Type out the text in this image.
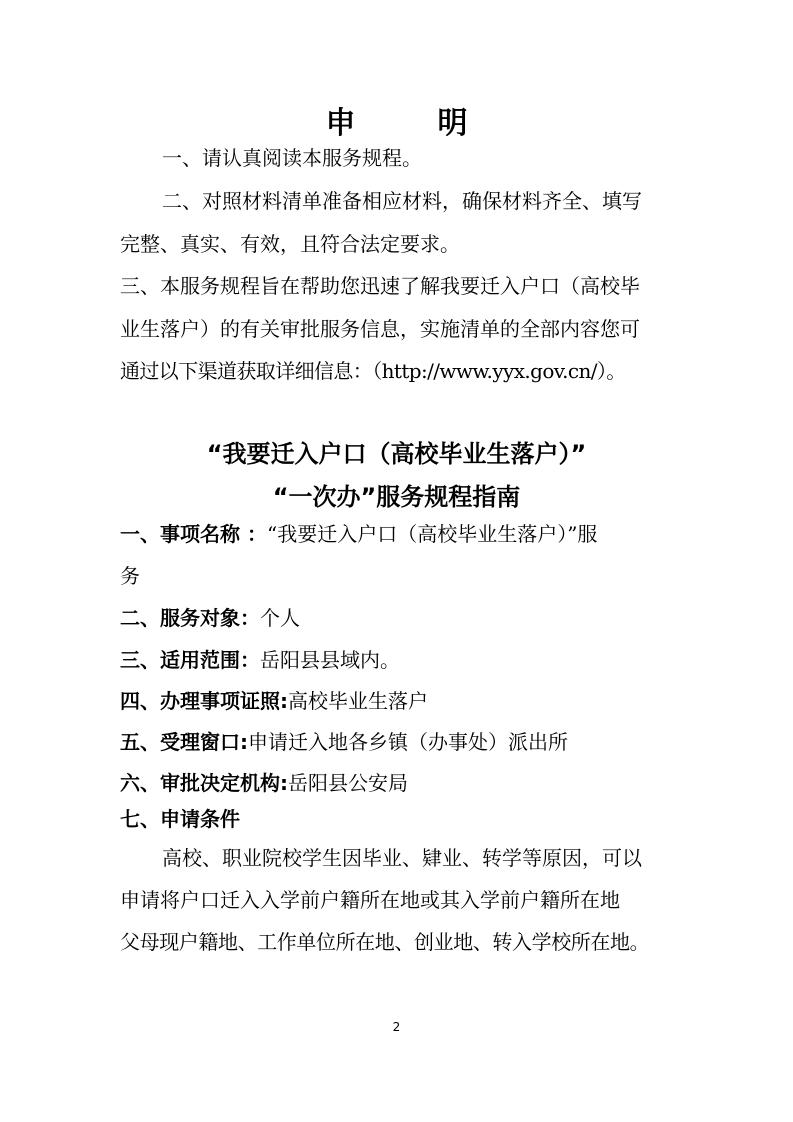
申　明
一、请认真阅读本服务规程。
二、对照材料清单准备相应材料，确保材料齐全、填写
完整、真实、有效，且符合法定要求。
三、本服务规程旨在帮助您迅速了解我要迁入户口（高校毕
业生落户）的有关审批服务信息，实施清单的全部内容您可
通过以下渠道获取详细信息：（http://www.yyx.gov.cn/）。
“我要迁入户口（高校毕业生落户）”
“一次办”服务规程指南
一、事项名称 ：“我要迁入户口（高校毕业生落户）”服
务
二、服务对象：个人
三、适用范围：岳阳县县域内。
四、办理事项证照:高校毕业生落户
五、受理窗口:申请迁入地各乡镇（办事处）派出所
六、审批决定机构:岳阳县公安局
七、申请条件
高校、职业院校学生因毕业、肄业、转学等原因，可以
申请将户口迁入入学前户籍所在地或其入学前户籍所在地
父母现户籍地、工作单位所在地、创业地、转入学校所在地。
2
